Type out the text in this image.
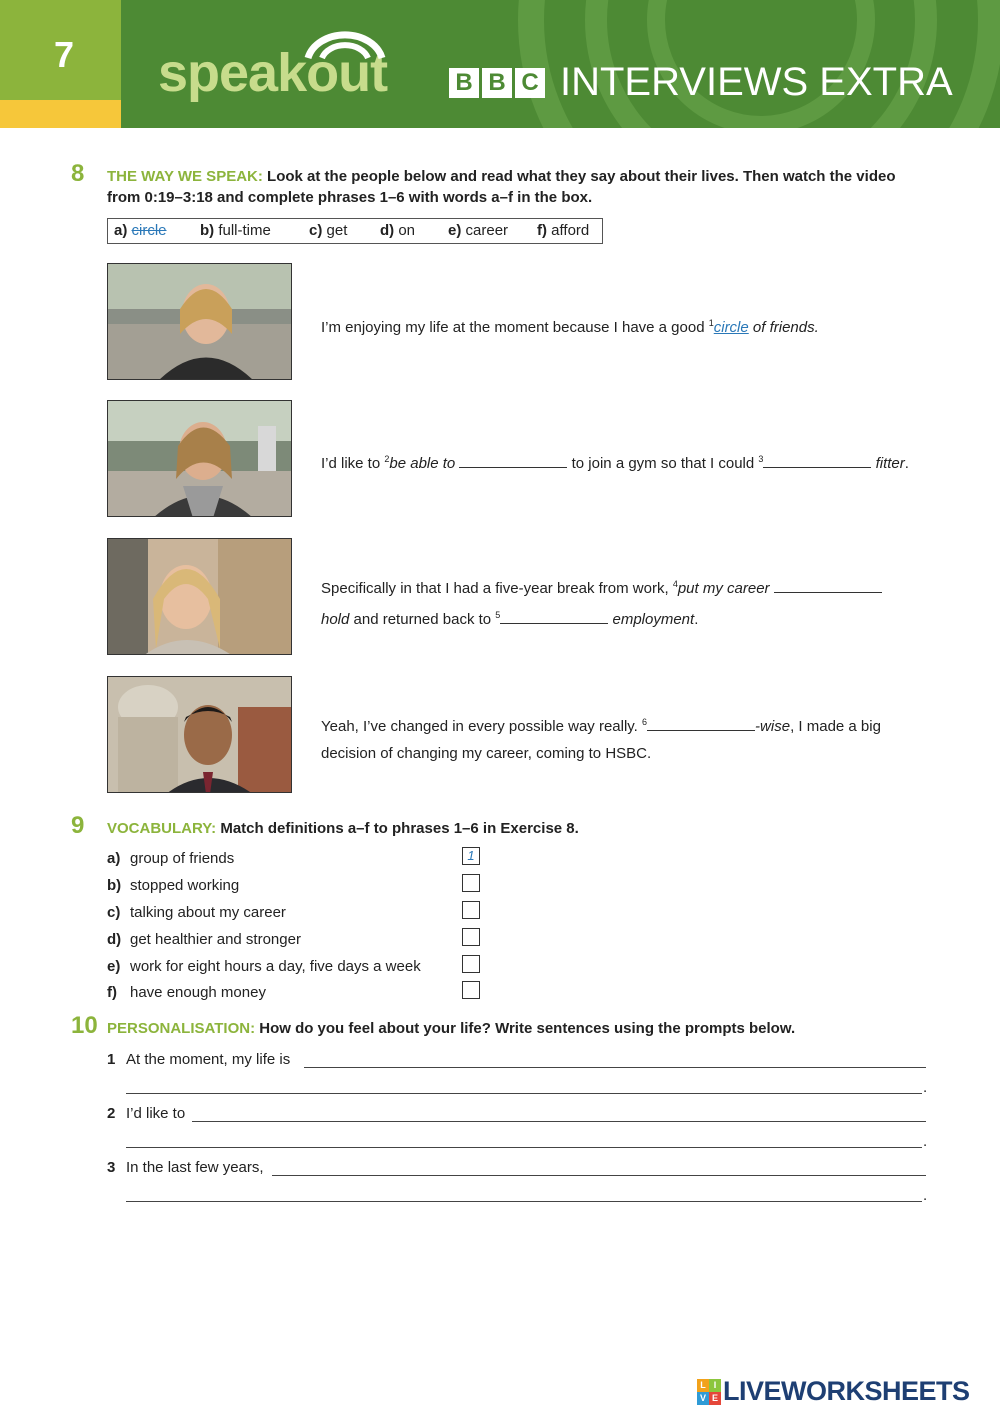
7	speakout	B B C INTERVIEWS EXTRA
8 THE WAY WE SPEAK: Look at the people below and read what they say about their lives. Then watch the video
from 0:19–3:18 and complete phrases 1–6 with words a–f in the box.
a) circle b) full-time	c) get d) on e) career f) afford
I’m enjoying my life at the moment because I have a good $^1$circle of friends.
I’d like to $^2$be able to	to join a gym so that I could $^3$	fitter.
Specifically in that I had a five-year break from work, $^4$put my career
hold and returned back to $^5$	employment.
Yeah, I’ve changed in every possible way really. $^6$	-wise, I made a big
decision of changing my career, coming to HSBC.
9 VOCABULARY: Match definitions a–f to phrases 1–6 in Exercise 8.
a) group of friends	1
b) stopped working
c) talking about my career
d) get healthier and stronger
e) work for eight hours a day, five days a week
f) have enough money
10 PERSONALISATION: How do you feel about your life? Write sentences using the prompts below.
1 At the moment, my life is
.
2 I’d like to
.
3 In the last few years,
.
L I
V E LIVEWORKSHEETS
